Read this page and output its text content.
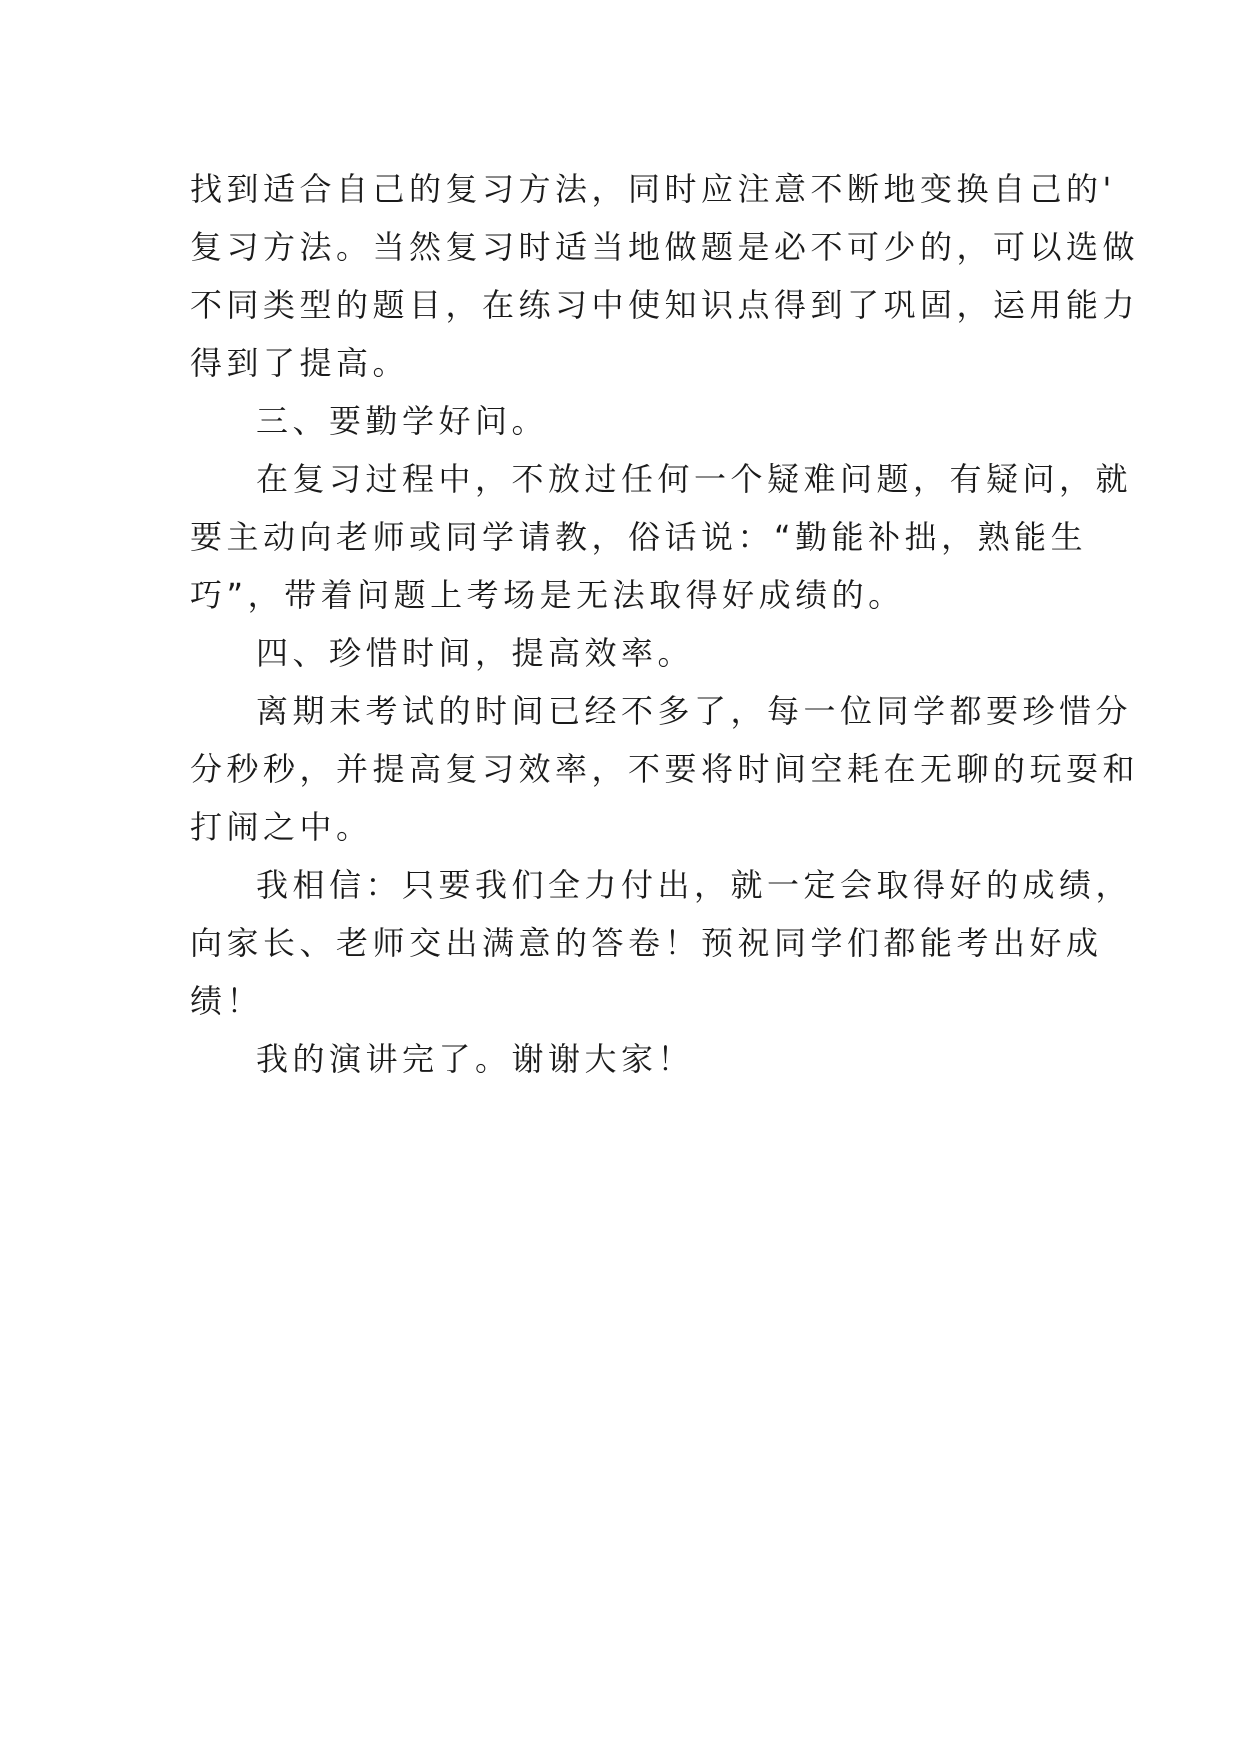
找到适合自己的复习方法，同时应注意不断地变换自己的'
复习方法。当然复习时适当地做题是必不可少的，可以选做
不同类型的题目，在练习中使知识点得到了巩固，运用能力
得到了提高。
三、要勤学好问。
在复习过程中，不放过任何一个疑难问题，有疑问，就
要主动向老师或同学请教，俗话说：“勤能补拙，熟能生
巧”，带着问题上考场是无法取得好成绩的。
四、珍惜时间，提高效率。
离期末考试的时间已经不多了，每一位同学都要珍惜分
分秒秒，并提高复习效率，不要将时间空耗在无聊的玩耍和
打闹之中。
我相信：只要我们全力付出，就一定会取得好的成绩，
向家长、老师交出满意的答卷！预祝同学们都能考出好成
绩！
我的演讲完了。谢谢大家！
